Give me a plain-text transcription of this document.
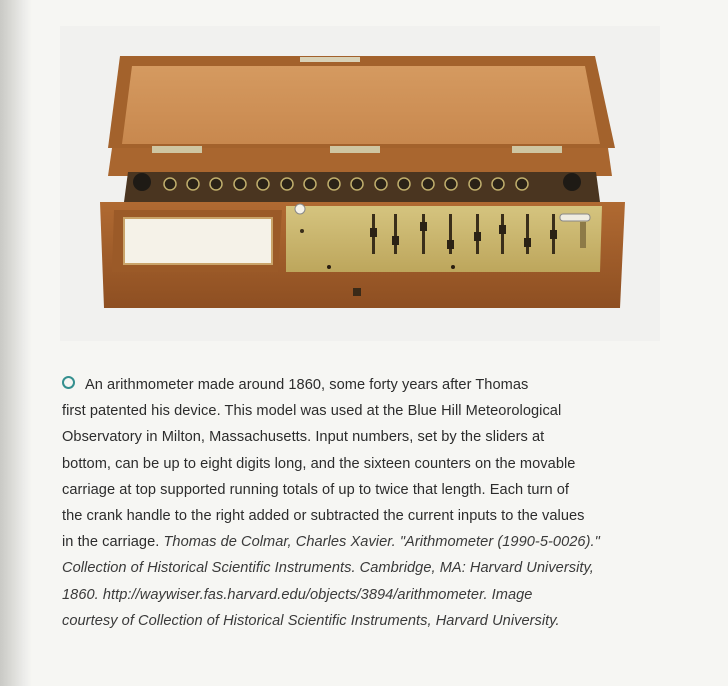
An arithmometer made around 1860, some forty years after Thomas
first patented his device. This model was used at the Blue Hill Meteorological
Observatory in Milton, Massachusetts. Input numbers, set by the sliders at
bottom, can be up to eight digits long, and the sixteen counters on the movable
carriage at top supported running totals of up to twice that length. Each turn of
the crank handle to the right added or subtracted the current inputs to the values
in the carriage. Thomas de Colmar, Charles Xavier. "Arithmometer (1990-5-0026)."
Collection of Historical Scientific Instruments. Cambridge, MA: Harvard University,
1860. http://waywiser.fas.harvard.edu/objects/3894/arithmometer. Image
courtesy of Collection of Historical Scientific Instruments, Harvard University.
